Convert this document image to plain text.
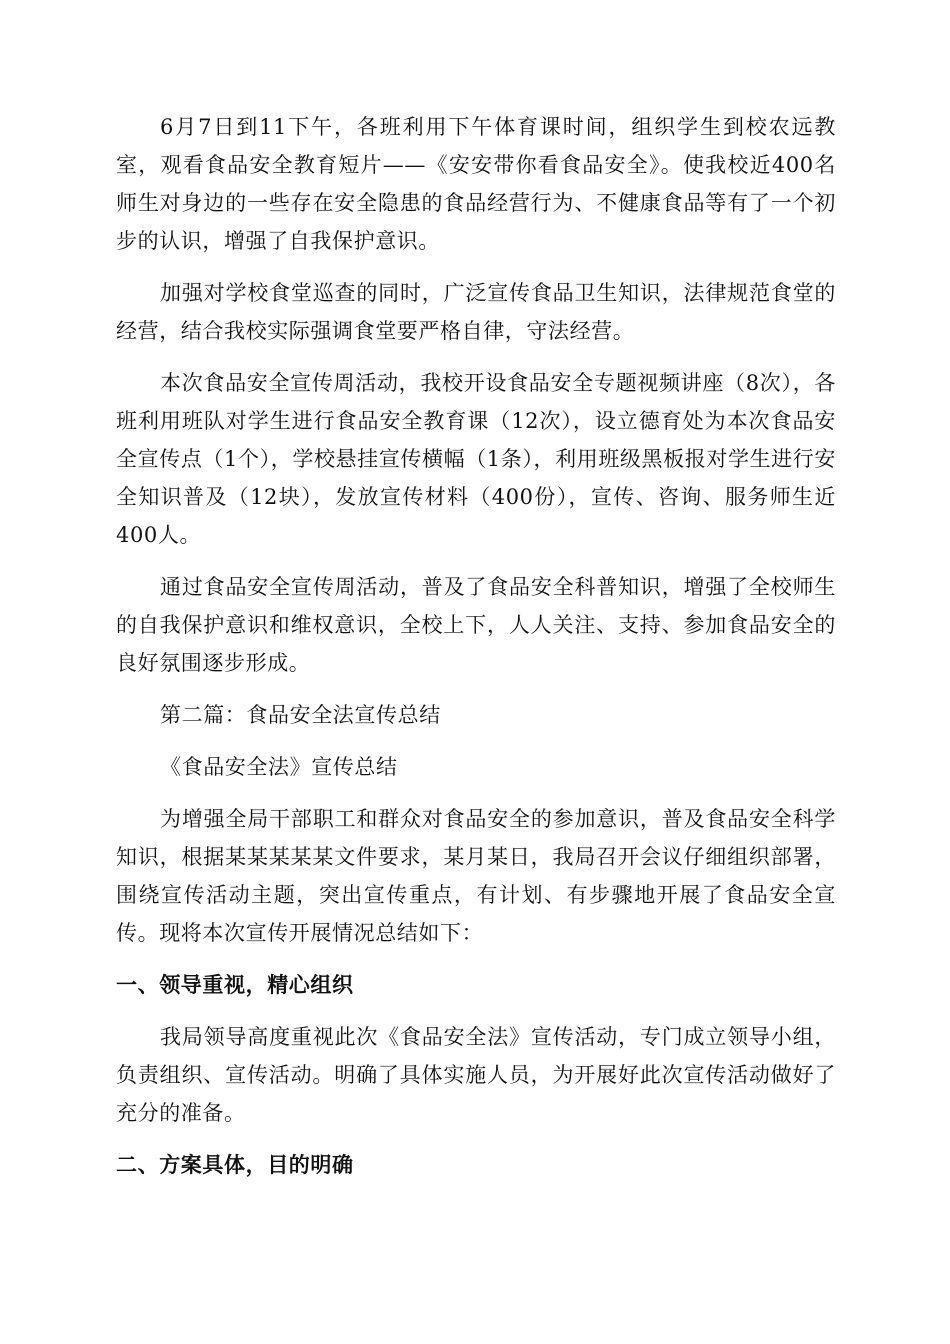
6月7日到11下午，各班利用下午体育课时间，组织学生到校农远教室，观看食品安全教育短片——《安安带你看食品安全》。使我校近400名师生对身边的一些存在安全隐患的食品经营行为、不健康食品等有了一个初步的认识，增强了自我保护意识。

加强对学校食堂巡查的同时，广泛宣传食品卫生知识，法律规范食堂的经营，结合我校实际强调食堂要严格自律，守法经营。

本次食品安全宣传周活动，我校开设食品安全专题视频讲座（8次），各班利用班队对学生进行食品安全教育课（12次），设立德育处为本次食品安全宣传点（1个），学校悬挂宣传横幅（1条），利用班级黑板报对学生进行安全知识普及（12块），发放宣传材料（400份），宣传、咨询、服务师生近400人。

通过食品安全宣传周活动，普及了食品安全科普知识，增强了全校师生的自我保护意识和维权意识，全校上下，人人关注、支持、参加食品安全的良好氛围逐步形成。

第二篇：食品安全法宣传总结

《食品安全法》宣传总结

为增强全局干部职工和群众对食品安全的参加意识，普及食品安全科学知识，根据某某某某某文件要求，某月某日，我局召开会议仔细组织部署，围绕宣传活动主题，突出宣传重点，有计划、有步骤地开展了食品安全宣传。现将本次宣传开展情况总结如下：

一、领导重视，精心组织

我局领导高度重视此次《食品安全法》宣传活动，专门成立领导小组，负责组织、宣传活动。明确了具体实施人员，为开展好此次宣传活动做好了充分的准备。

二、方案具体，目的明确
